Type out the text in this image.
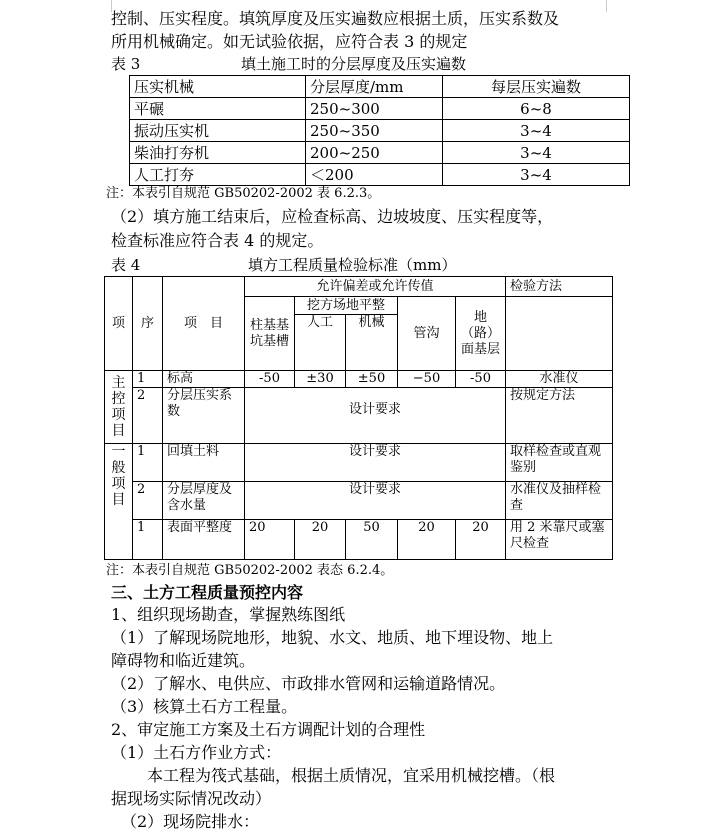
控制、压实程度。填筑厚度及压实遍数应根据土质，压实系数及
所用机械确定。如无试验依据，应符合表 3 的规定
表 3	填土施工时的分层厚度及压实遍数
压实机械	分层厚度/mm	每层压实遍数
平碾	250~300	6~8
振动压实机	250~350	3~4
柴油打夯机	200~250	3~4
人工打夯	＜200	3~4
注：本表引自规范 GB50202-2002 表 6.2.3。
（2）填方施工结束后，应检查标高、边坡坡度、压实程度等，
检查标准应符合表 4 的规定。
表 4	填方工程质量检验标准（mm）
项	序	项　目	允许偏差或允许传值					检验方法
			柱基基坑基槽	挖方场地平整		管沟	地（路）面基层	
				人工	机械			
主控项目	1	标高	-50	±30	±50	−50	-50	水准仪
	2	分层压实系数	设计要求					按规定方法
一般项目	1	回填土料	设计要求					取样检查或直观鉴别
	2	分层厚度及含水量	设计要求					水准仪及抽样检查
	1	表面平整度	20	20	50	20	20	用 2 米靠尺或塞尺检查
注：本表引自规范 GB50202-2002 表态 6.2.4。
三、土方工程质量预控内容
1、组织现场勘查，掌握熟练图纸
（1）了解现场院地形，地貌、水文、地质、地下埋设物、地上
障碍物和临近建筑。
（2）了解水、电供应、市政排水管网和运输道路情况。
（3）核算土石方工程量。
2、审定施工方案及土石方调配计划的合理性
（1）土石方作业方式：
本工程为筏式基础，根据土质情况，宜采用机械挖槽。（根
据现场实际情况改动）
（2）现场院排水：
